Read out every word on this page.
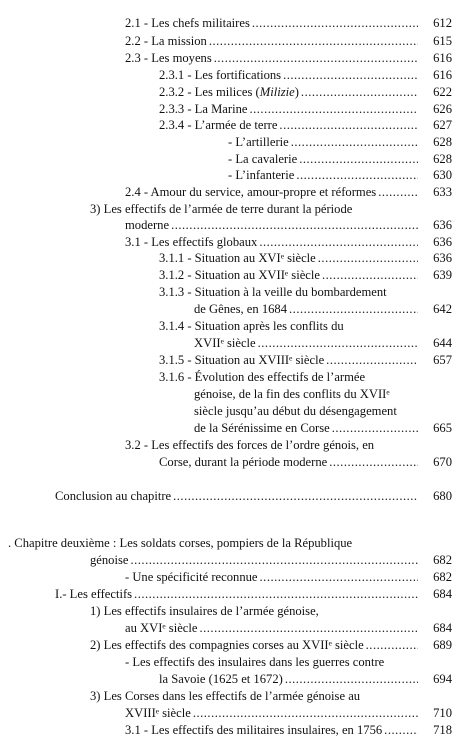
2.1 - Les chefs militaires .....	612
2.2 - La mission .....	615
2.3 - Les moyens .....	616
2.3.1 - Les fortifications .....	616
2.3.2 - Les milices (Milizie) .....	622
2.3.3 - La Marine .....	626
2.3.4 - L’armée de terre .....	627
- L’artillerie .....	628
- La cavalerie .....	628
- L’infanterie .....	630
2.4 - Amour du service, amour-propre et réformes .....	633
3) Les effectifs de l’armée de terre durant la période
moderne .....	636
3.1 - Les effectifs globaux .....	636
3.1.1 - Situation au XVIᵉ siècle .....	636
3.1.2 - Situation au XVIIᵉ siècle .....	639
3.1.3 - Situation à la veille du bombardement
de Gênes, en 1684 .....	642
3.1.4 - Situation après les conflits du
XVIIᵉ siècle .....	644
3.1.5 - Situation au XVIIIᵉ siècle .....	657
3.1.6 - Évolution des effectifs de l’armée
génoise, de la fin des conflits du XVIIᵉ
siècle jusqu’au début du désengagement
de la Sérénissime en Corse .....	665
3.2 - Les effectifs des forces de l’ordre génois, en
Corse, durant la période moderne .....	670
Conclusion au chapitre .....	680
. Chapitre deuxième : Les soldats corses, pompiers de la République
génoise .....	682
- Une spécificité reconnue .....	682
I.- Les effectifs .....	684
1) Les effectifs insulaires de l’armée génoise,
au XVIᵉ siècle .....	684
2) Les effectifs des compagnies corses au XVIIᵉ siècle .....	689
- Les effectifs des insulaires dans les guerres contre
la Savoie (1625 et 1672) .....	694
3) Les Corses dans les effectifs de l’armée génoise au
XVIIIᵉ siècle .....	710
3.1 - Les effectifs des militaires insulaires, en 1756 .....	718
